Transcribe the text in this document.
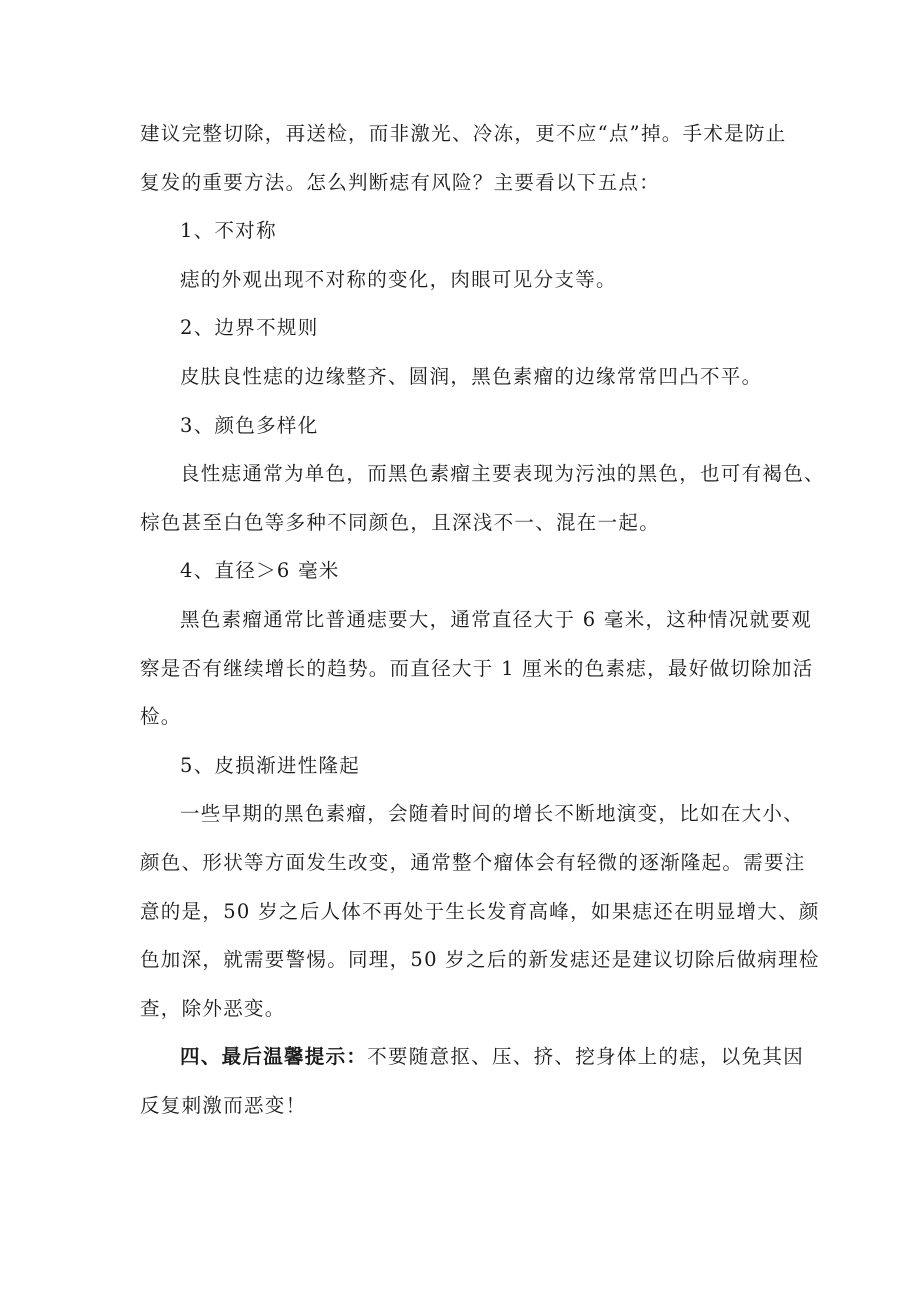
建议完整切除，再送检，而非激光、冷冻，更不应“点”掉。手术是防止
复发的重要方法。怎么判断痣有风险？主要看以下五点：
1、不对称
痣的外观出现不对称的变化，肉眼可见分支等。
2、边界不规则
皮肤良性痣的边缘整齐、圆润，黑色素瘤的边缘常常凹凸不平。
3、颜色多样化
良性痣通常为单色，而黑色素瘤主要表现为污浊的黑色，也可有褐色、
棕色甚至白色等多种不同颜色，且深浅不一、混在一起。
4、直径＞6 毫米
黑色素瘤通常比普通痣要大，通常直径大于 6 毫米，这种情况就要观
察是否有继续增长的趋势。而直径大于 1 厘米的色素痣，最好做切除加活
检。
5、皮损渐进性隆起
一些早期的黑色素瘤，会随着时间的增长不断地演变，比如在大小、
颜色、形状等方面发生改变，通常整个瘤体会有轻微的逐渐隆起。需要注
意的是，50 岁之后人体不再处于生长发育高峰，如果痣还在明显增大、颜
色加深，就需要警惕。同理，50 岁之后的新发痣还是建议切除后做病理检
查，除外恶变。
四、最后温馨提示：不要随意抠、压、挤、挖身体上的痣，以免其因
反复刺激而恶变！
